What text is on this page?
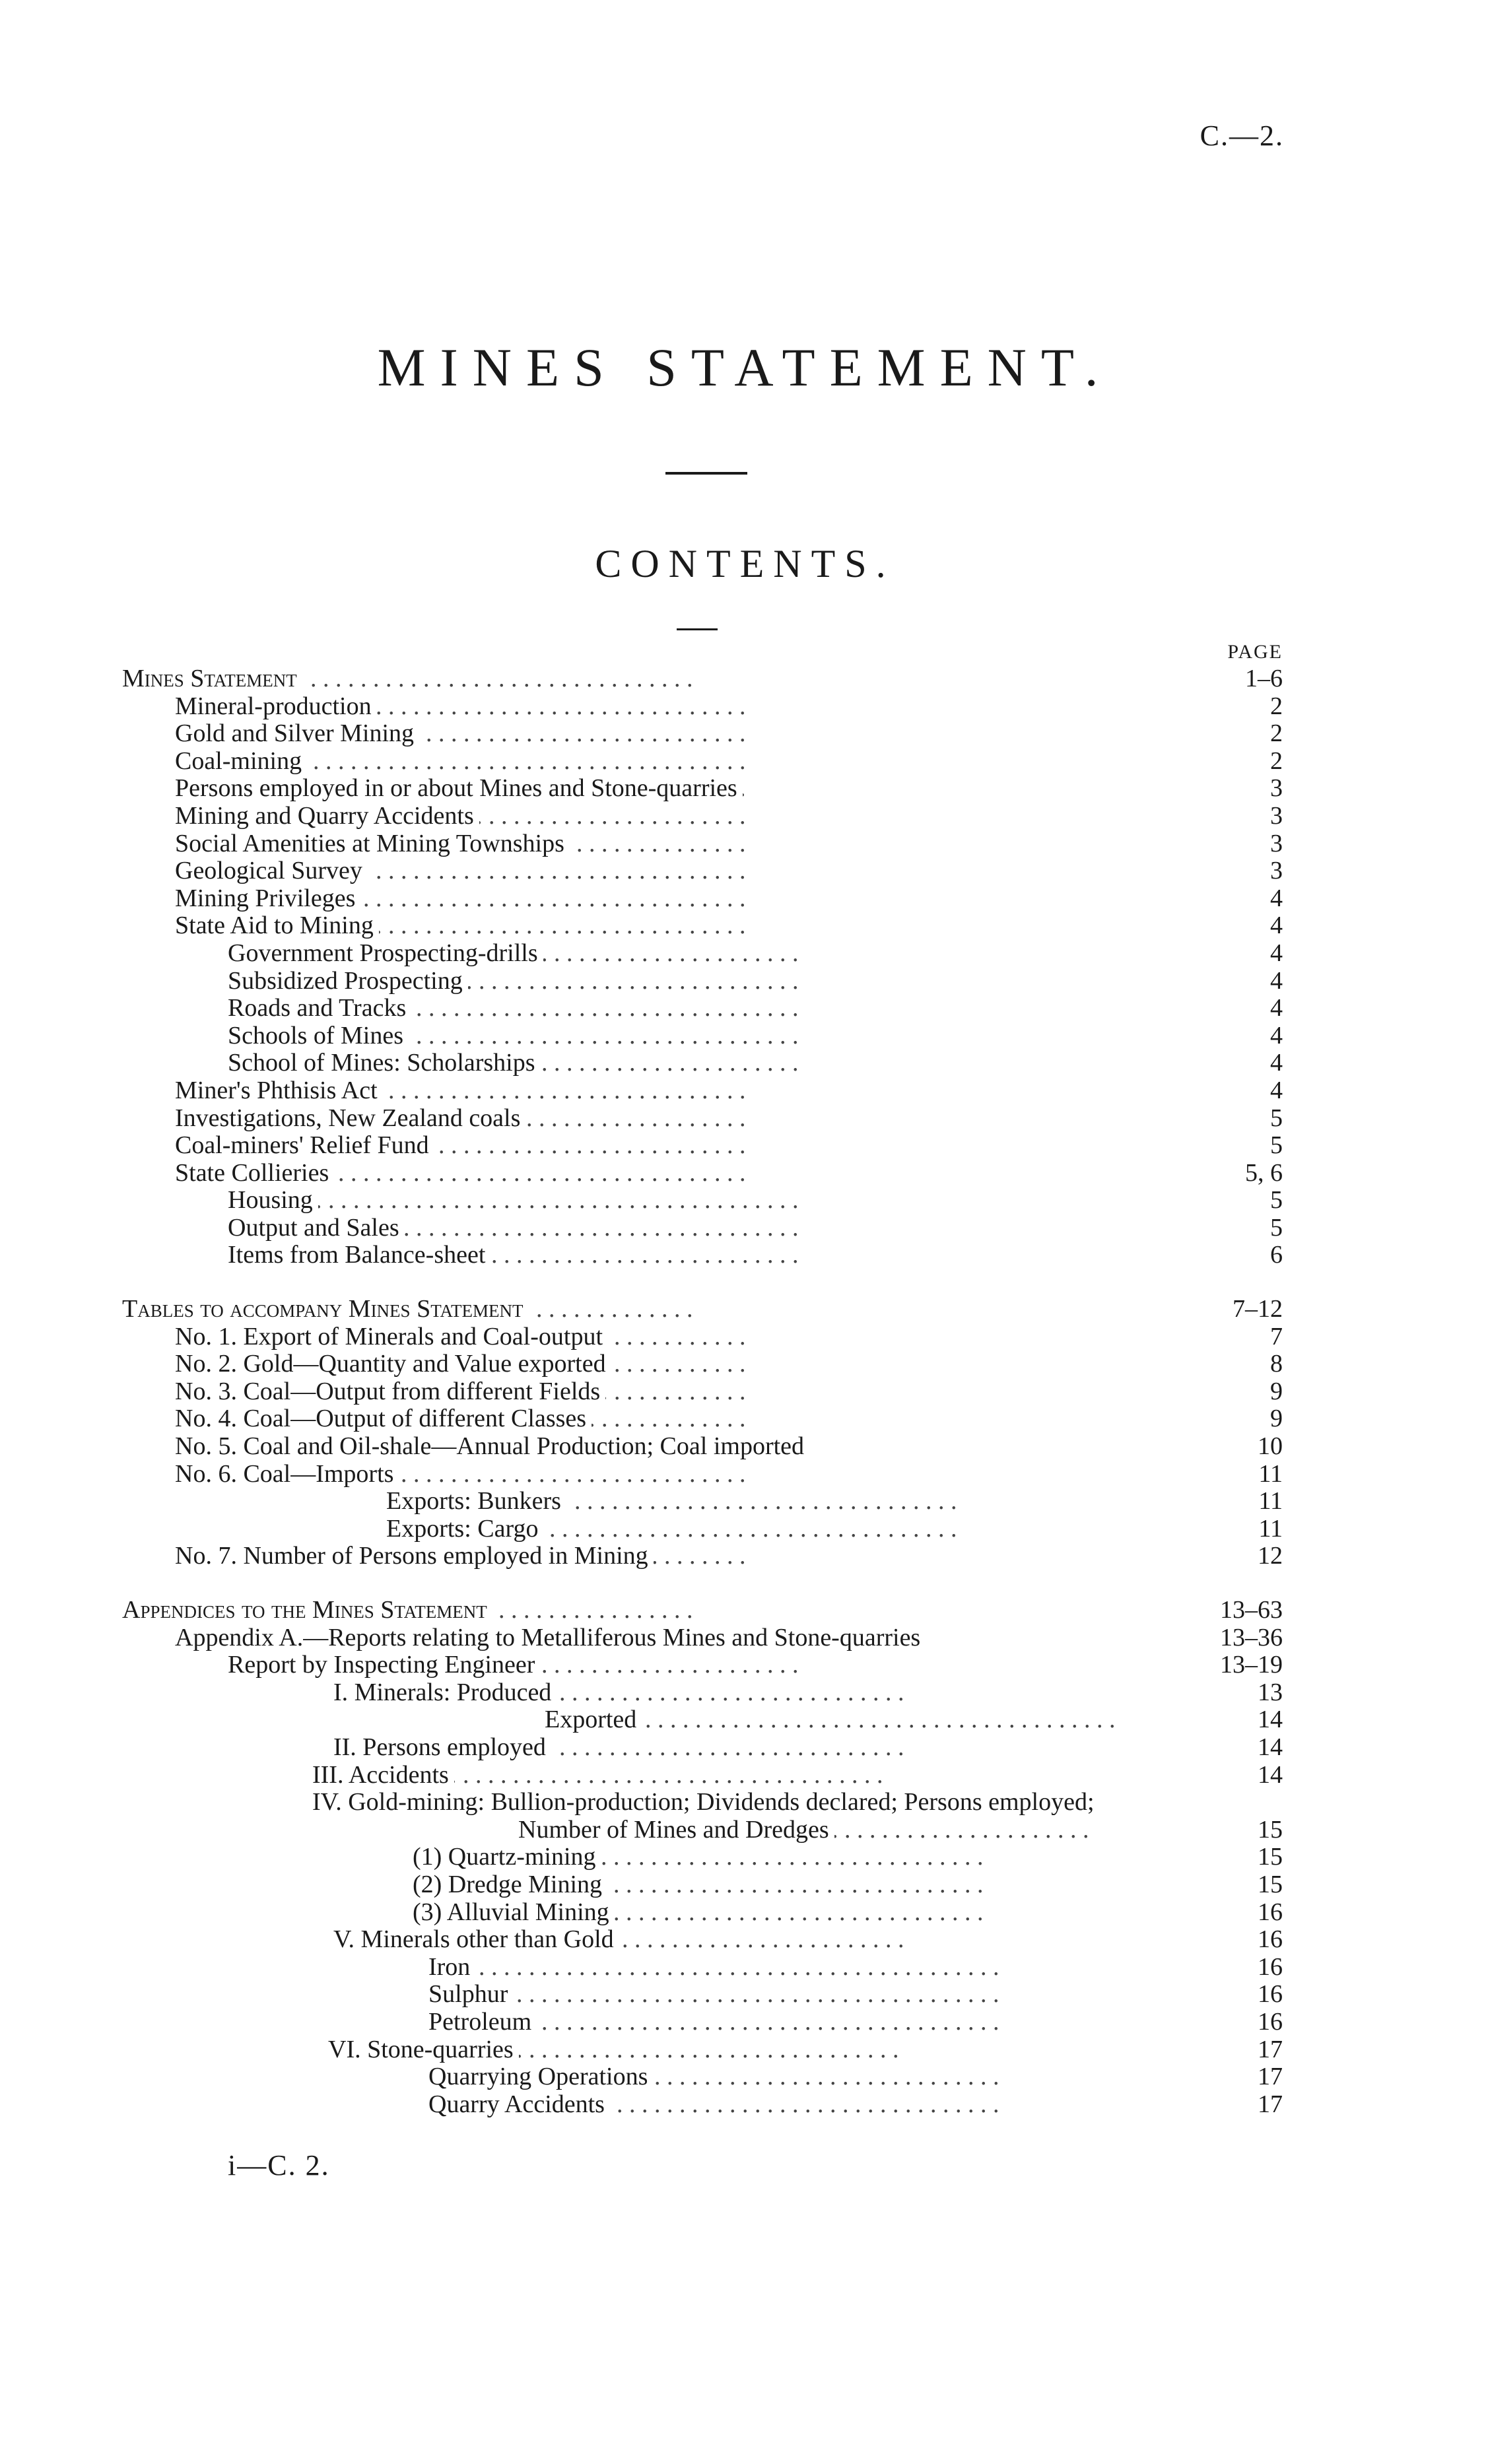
C.—2.
MINES STATEMENT.
CONTENTS.
PAGE
. .
Mines Statement	1–6
. .
Mineral-production	2
. .
Gold and Silver Mining	2
. .
Coal-mining	2
. .
Persons employed in or about Mines and Stone-quarries	3
. .
Mining and Quarry Accidents	3
. .
Social Amenities at Mining Townships	3
. .
Geological Survey	3
. .
Mining Privileges	4
. .
State Aid to Mining	4
. .
Government Prospecting-drills	4
. .
Subsidized Prospecting	4
. .
Roads and Tracks	4
. .
Schools of Mines	4
. .
School of Mines: Scholarships	4
. .
Miner's Phthisis Act	4
. .
Investigations, New Zealand coals	5
. .
Coal-miners' Relief Fund	5
. .
State Collieries	5, 6
. .
Housing	5
. .
Output and Sales	5
. .
Items from Balance-sheet	6
. .
Tables to accompany Mines Statement	7–12
. .
No. 1. Export of Minerals and Coal-output	7
. .
No. 2. Gold—Quantity and Value exported	8
. .
No. 3. Coal—Output from different Fields	9
. .
No. 4. Coal—Output of different Classes	9
. .
No. 5. Coal and Oil-shale—Annual Production; Coal imported	10
. .
No. 6. Coal—Imports	11
. .
Exports: Bunkers	11
. .
Exports: Cargo	11
. .
No. 7. Number of Persons employed in Mining	12
. .
Appendices to the Mines Statement	13–63
. .
Appendix A.—Reports relating to Metalliferous Mines and Stone-quarries	13–36
. .
Report by Inspecting Engineer	13–19
. .
I. Minerals: Produced	13
. .
Exported	14
. .
II. Persons employed	14
. .
III. Accidents	14
IV. Gold-mining: Bullion-production; Dividends declared; Persons employed;
. .
Number of Mines and Dredges	15
. .
(1) Quartz-mining	15
. .
(2) Dredge Mining	15
. .
(3) Alluvial Mining	16
. .
V. Minerals other than Gold	16
. .
Iron	16
. .
Sulphur	16
. .
Petroleum	16
. .
VI. Stone-quarries	17
. .
Quarrying Operations	17
. .
Quarry Accidents	17
i—C. 2.
